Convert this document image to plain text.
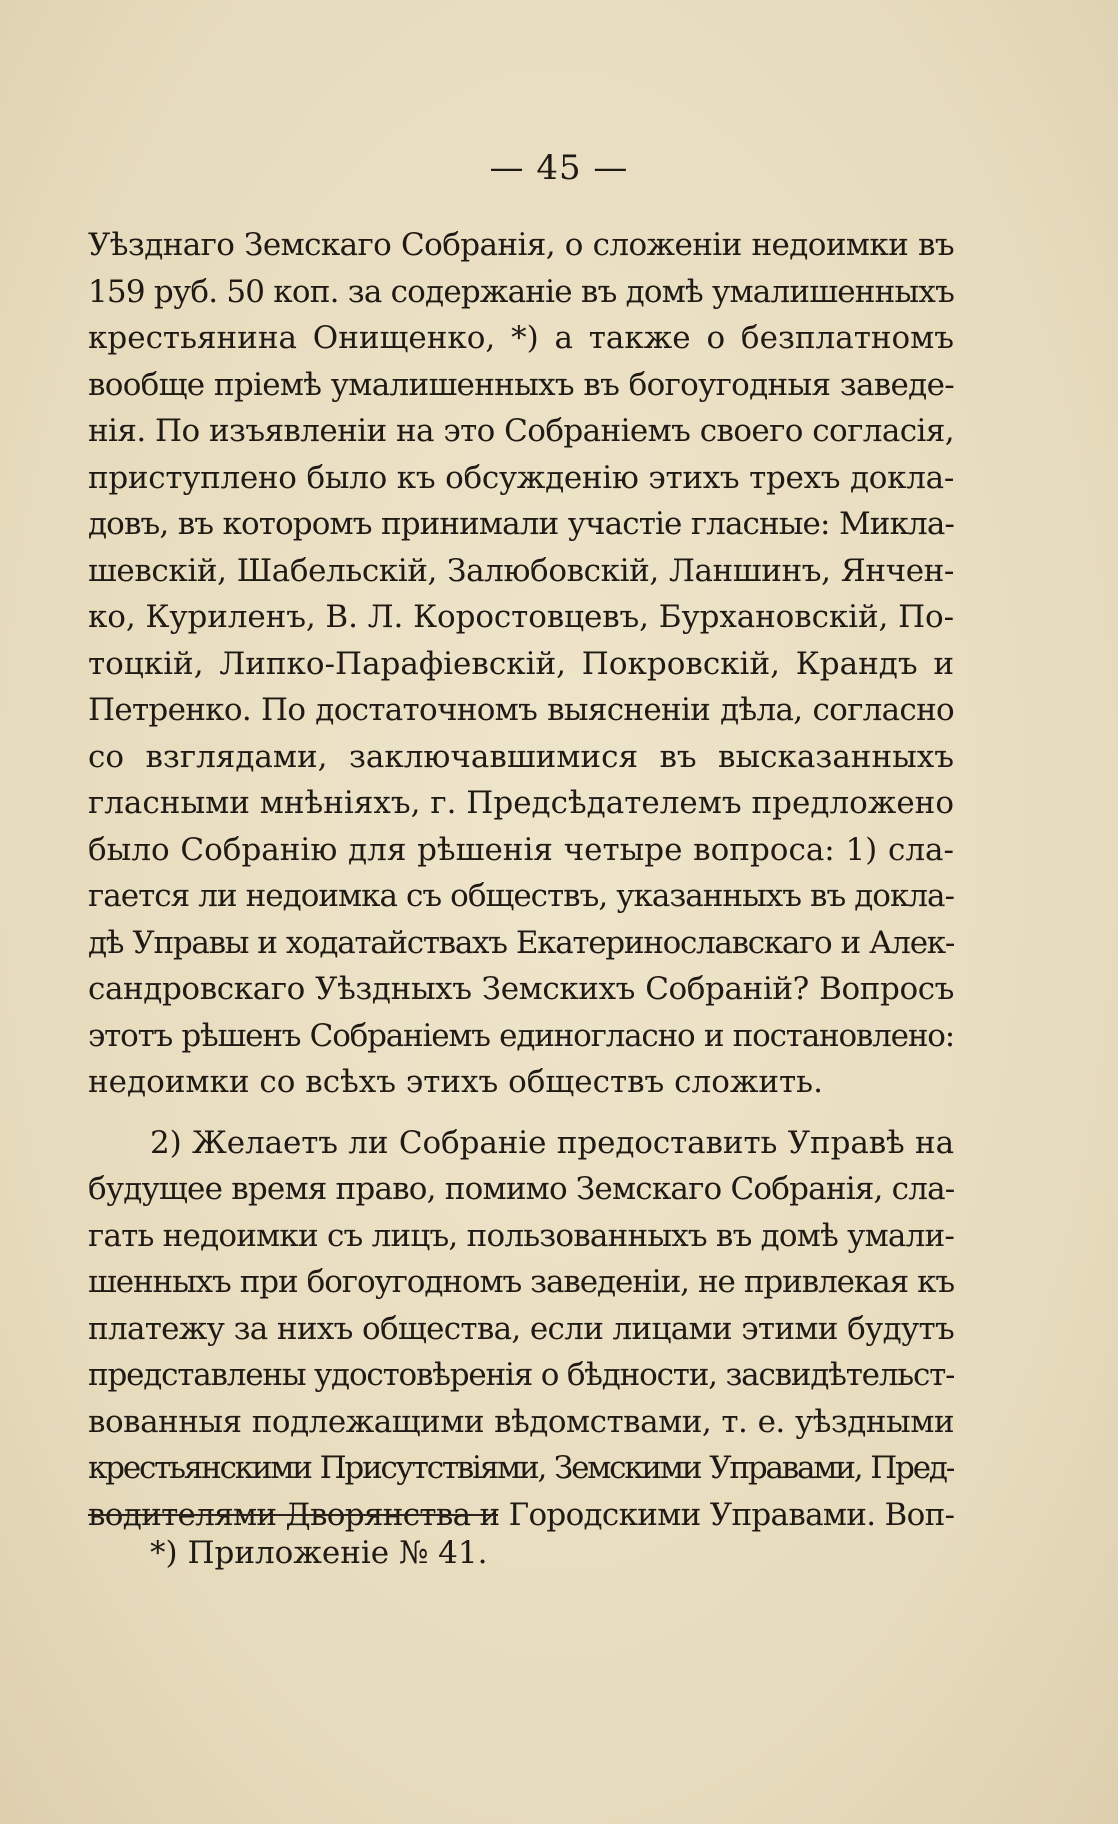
— 45 —
Уѣзднаго Земскаго Собранія, о сложеніи недоимки въ
159 руб. 50 коп. за содержаніе въ домѣ умалишенныхъ
крестьянина Онищенко, *) а также о безплатномъ
вообще пріемѣ умалишенныхъ въ богоугодныя заведе-
нія. По изъявленіи на это Собраніемъ своего согласія,
приступлено было къ обсужденію этихъ трехъ докла-
довъ, въ которомъ принимали участіе гласные: Микла-
шевскій, Шабельскій, Залюбовскій, Ланшинъ, Янчен-
ко, Куриленъ, В. Л. Коростовцевъ, Бурхановскій, По-
тоцкій, Липко-Парафіевскій, Покровскій, Крандъ и
Петренко. По достаточномъ выясненіи дѣла, согласно
со взглядами, заключавшимися въ высказанныхъ
гласными мнѣніяхъ, г. Предсѣдателемъ предложено
было Собранію для рѣшенія четыре вопроса: 1) сла-
гается ли недоимка съ обществъ, указанныхъ въ докла-
дѣ Управы и ходатайствахъ Екатеринославскаго и Алек-
сандровскаго Уѣздныхъ Земскихъ Собраній? Вопросъ
этотъ рѣшенъ Собраніемъ единогласно и постановлено:
недоимки со всѣхъ этихъ обществъ сложить.
2) Желаетъ ли Собраніе предоставить Управѣ на
будущее время право, помимо Земскаго Собранія, сла-
гать недоимки съ лицъ, пользованныхъ въ домѣ умали-
шенныхъ при богоугодномъ заведеніи, не привлекая къ
платежу за нихъ общества, если лицами этими будутъ
представлены удостовѣренія о бѣдности, засвидѣтельст-
вованныя подлежащими вѣдомствами, т. е. уѣздными
крестьянскими Присутствіями, Земскими Управами, Пред-
водителями Дворянства и Городскими Управами. Воп-
*) Приложеніе № 41.
